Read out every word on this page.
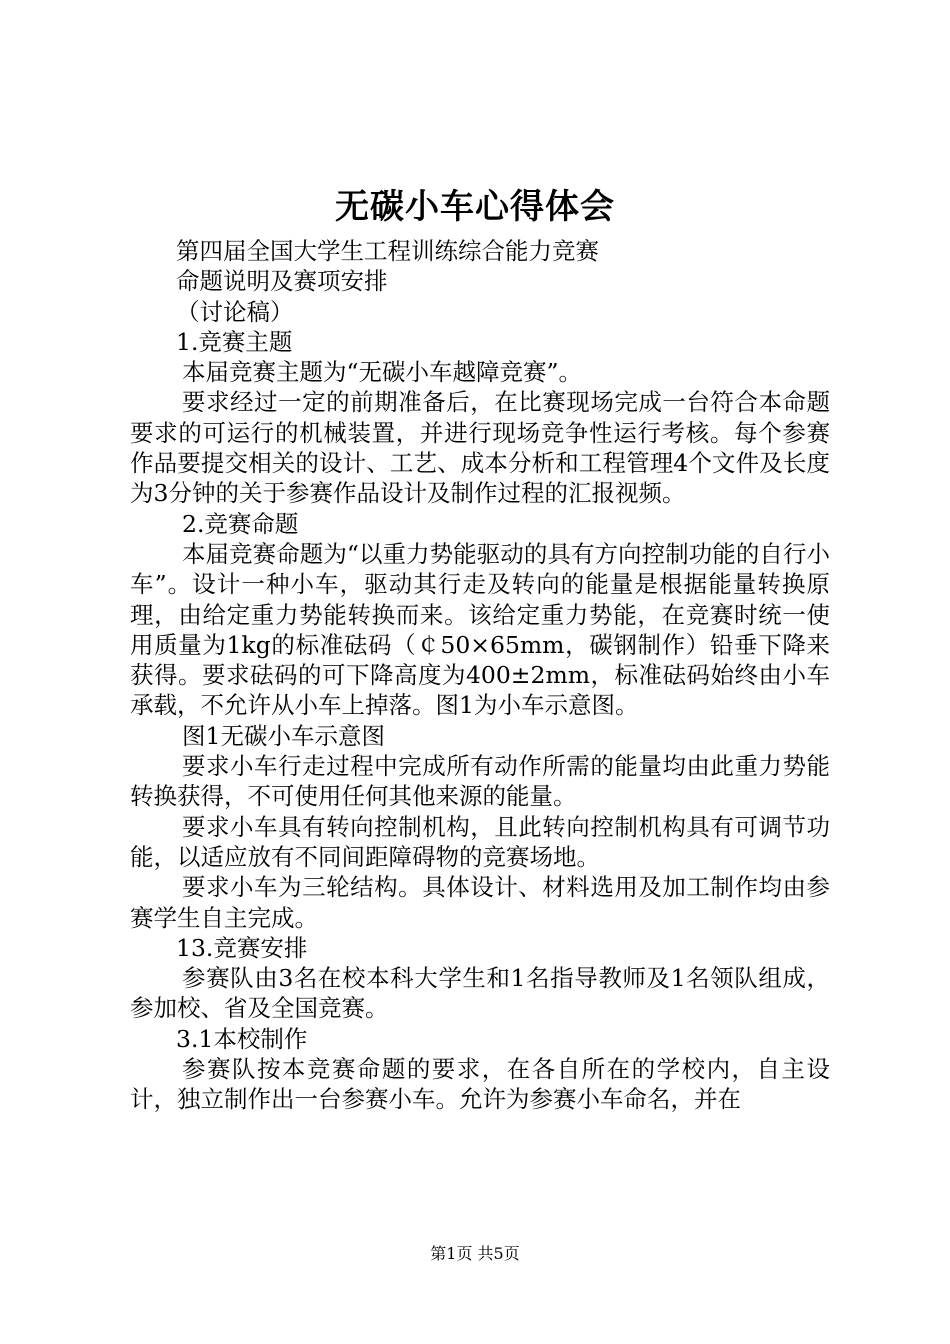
无碳小车心得体会
第四届全国大学生工程训练综合能力竞赛
命题说明及赛项安排
（讨论稿）
1.竞赛主题
本届竞赛主题为“无碳小车越障竞赛”。
要求经过一定的前期准备后，在比赛现场完成一台符合本命题要求的可运行的机械装置，并进行现场竞争性运行考核。每个参赛作品要提交相关的设计、工艺、成本分析和工程管理4个文件及长度为3分钟的关于参赛作品设计及制作过程的汇报视频。
2.竞赛命题
本届竞赛命题为“以重力势能驱动的具有方向控制功能的自行小车”。设计一种小车，驱动其行走及转向的能量是根据能量转换原理，由给定重力势能转换而来。该给定重力势能，在竞赛时统一使用质量为1kg的标准砝码（￠50×65mm，碳钢制作）铅垂下降来获得。要求砝码的可下降高度为400±2mm，标准砝码始终由小车承载，不允许从小车上掉落。图1为小车示意图。
图1无碳小车示意图
要求小车行走过程中完成所有动作所需的能量均由此重力势能转换获得，不可使用任何其他来源的能量。
要求小车具有转向控制机构，且此转向控制机构具有可调节功能，以适应放有不同间距障碍物的竞赛场地。
要求小车为三轮结构。具体设计、材料选用及加工制作均由参赛学生自主完成。
13.竞赛安排
参赛队由3名在校本科大学生和1名指导教师及1名领队组成，参加校、省及全国竞赛。
3.1本校制作
参赛队按本竞赛命题的要求，在各自所在的学校内，自主设计，独立制作出一台参赛小车。允许为参赛小车命名，并在
第1页 共5页
